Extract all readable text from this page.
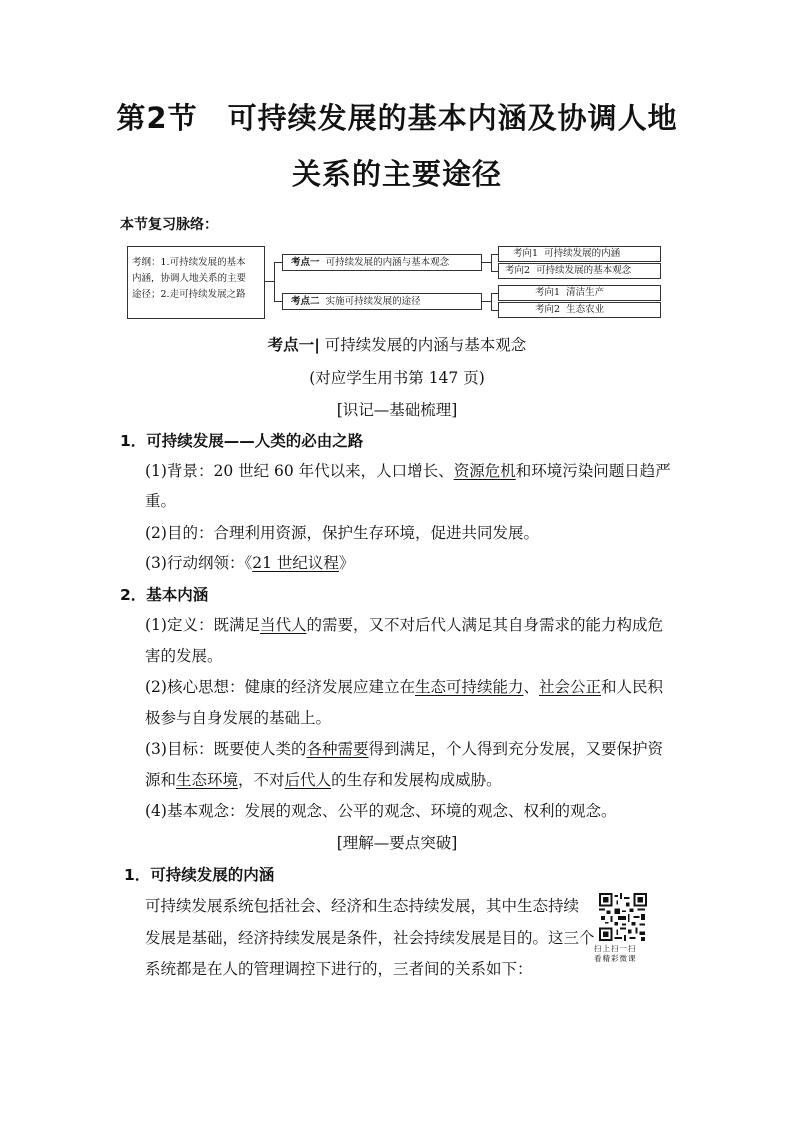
第2节　可持续发展的基本内涵及协调人地
关系的主要途径
本节复习脉络：
考纲：1.可持续发展的基本
内涵，协调人地关系的主要
途径；2.走可持续发展之路
考点一 可持续发展的内涵与基本观念
考点二 实施可持续发展的途径
考向1 可持续发展的内涵
考向2 可持续发展的基本观念
考向1 清洁生产
考向2 生态农业
考点一| 可持续发展的内涵与基本观念
(对应学生用书第 147 页)
[识记—基础梳理]
1．可持续发展——人类的必由之路
(1)背景：20 世纪 60 年代以来，人口增长、资源危机和环境污染问题日趋严
重。
(2)目的：合理利用资源，保护生存环境，促进共同发展。
(3)行动纲领：《21 世纪议程》
2．基本内涵
(1)定义：既满足当代人的需要，又不对后代人满足其自身需求的能力构成危
害的发展。
(2)核心思想：健康的经济发展应建立在生态可持续能力、社会公正和人民积
极参与自身发展的基础上。
(3)目标：既要使人类的各种需要得到满足，个人得到充分发展，又要保护资
源和生态环境，不对后代人的生存和发展构成威胁。
(4)基本观念：发展的观念、公平的观念、环境的观念、权利的观念。
[理解—要点突破]
1．可持续发展的内涵
可持续发展系统包括社会、经济和生态持续发展，其中生态持续
发展是基础，经济持续发展是条件，社会持续发展是目的。这三个
系统都是在人的管理调控下进行的，三者间的关系如下：
扫上扫一扫
看精彩微课
